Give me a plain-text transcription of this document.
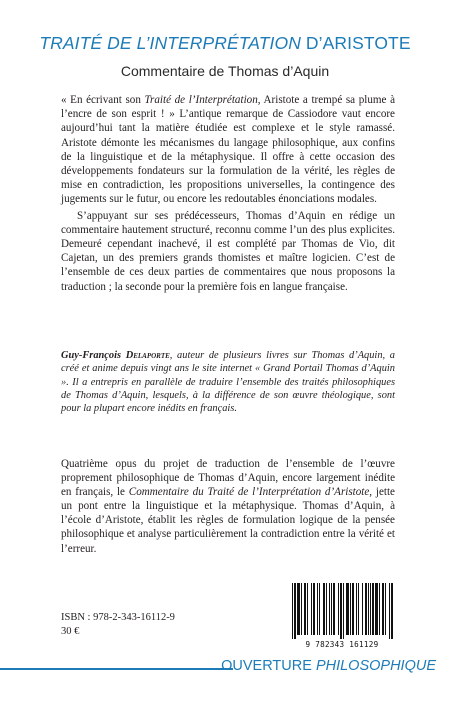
TRAITÉ DE L’INTERPRÉTATION D’ARISTOTE
Commentaire de Thomas d’Aquin

« En écrivant son Traité de l’Interprétation, Aristote a trempé sa plume à l’encre de son esprit ! » L’antique remarque de Cassiodore vaut encore aujourd’hui tant la matière étudiée est complexe et le style ramassé. Aristote démonte les mécanismes du langage philosophique, aux confins de la linguistique et de la métaphysique. Il offre à cette occasion des développements fondateurs sur la formulation de la vérité, les règles de mise en contradiction, les propositions universelles, la contingence des jugements sur le futur, ou encore les redoutables énonciations modales.

S’appuyant sur ses prédécesseurs, Thomas d’Aquin en rédige un commentaire hautement structuré, reconnu comme l’un des plus explicites. Demeuré cependant inachevé, il est complété par Thomas de Vio, dit Cajetan, un des premiers grands thomistes et maître logicien. C’est de l’ensemble de ces deux parties de commentaires que nous proposons la traduction ; la seconde pour la première fois en langue française.

Guy-François Delaporte, auteur de plusieurs livres sur Thomas d’Aquin, a créé et anime depuis vingt ans le site internet « Grand Portail Thomas d’Aquin ». Il a entrepris en parallèle de traduire l’ensemble des traités philosophiques de Thomas d’Aquin, lesquels, à la différence de son œuvre théologique, sont pour la plupart encore inédits en français.
Quatrième opus du projet de traduction de l’ensemble de l’œuvre proprement philosophique de Thomas d’Aquin, encore largement inédite en français, le Commentaire du Traité de l’Interprétation d’Aristote, jette un pont entre la linguistique et la métaphysique. Thomas d’Aquin, à l’école d’Aristote, établit les règles de formulation logique de la pensée philosophique et analyse particulièrement la contradiction entre la vérité et l’erreur.
ISBN : 978-2-343-16112-9
30 €
9 782343 161129
OUVERTURE PHILOSOPHIQUE
